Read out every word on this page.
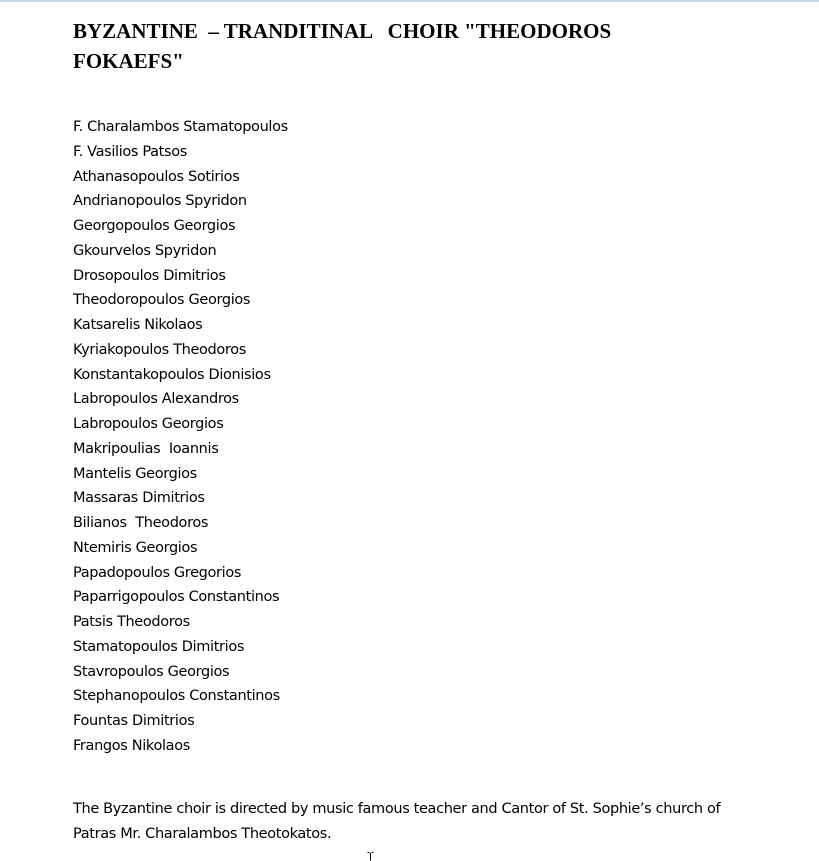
BYZANTINE  – TRANDITINAL   CHOIR "THEODOROS FOKAEFS"
F. Charalambos Stamatopoulos
F. Vasilios Patsos
Athanasopoulos Sotirios
Andrianopoulos Spyridon
Georgopoulos Georgios
Gkourvelos Spyridon
Drosopoulos Dimitrios
Theodoropoulos Georgios
Katsarelis Nikolaos
Kyriakopoulos Theodoros
Konstantakopoulos Dionisios
Labropoulos Alexandros
Labropoulos Georgios
Makripoulias  Ioannis
Mantelis Georgios
Massaras Dimitrios
Bilianos  Theodoros
Ntemiris Georgios
Papadopoulos Gregorios
Paparrigopoulos Constantinos
Patsis Theodoros
Stamatopoulos Dimitrios
Stavropoulos Georgios
Stephanopoulos Constantinos
Fountas Dimitrios
Frangos Nikolaos

The Byzantine choir is directed by music famous teacher and Cantor of St. Sophie’s church of  Patras Mr. Charalambos Theotokatos.
